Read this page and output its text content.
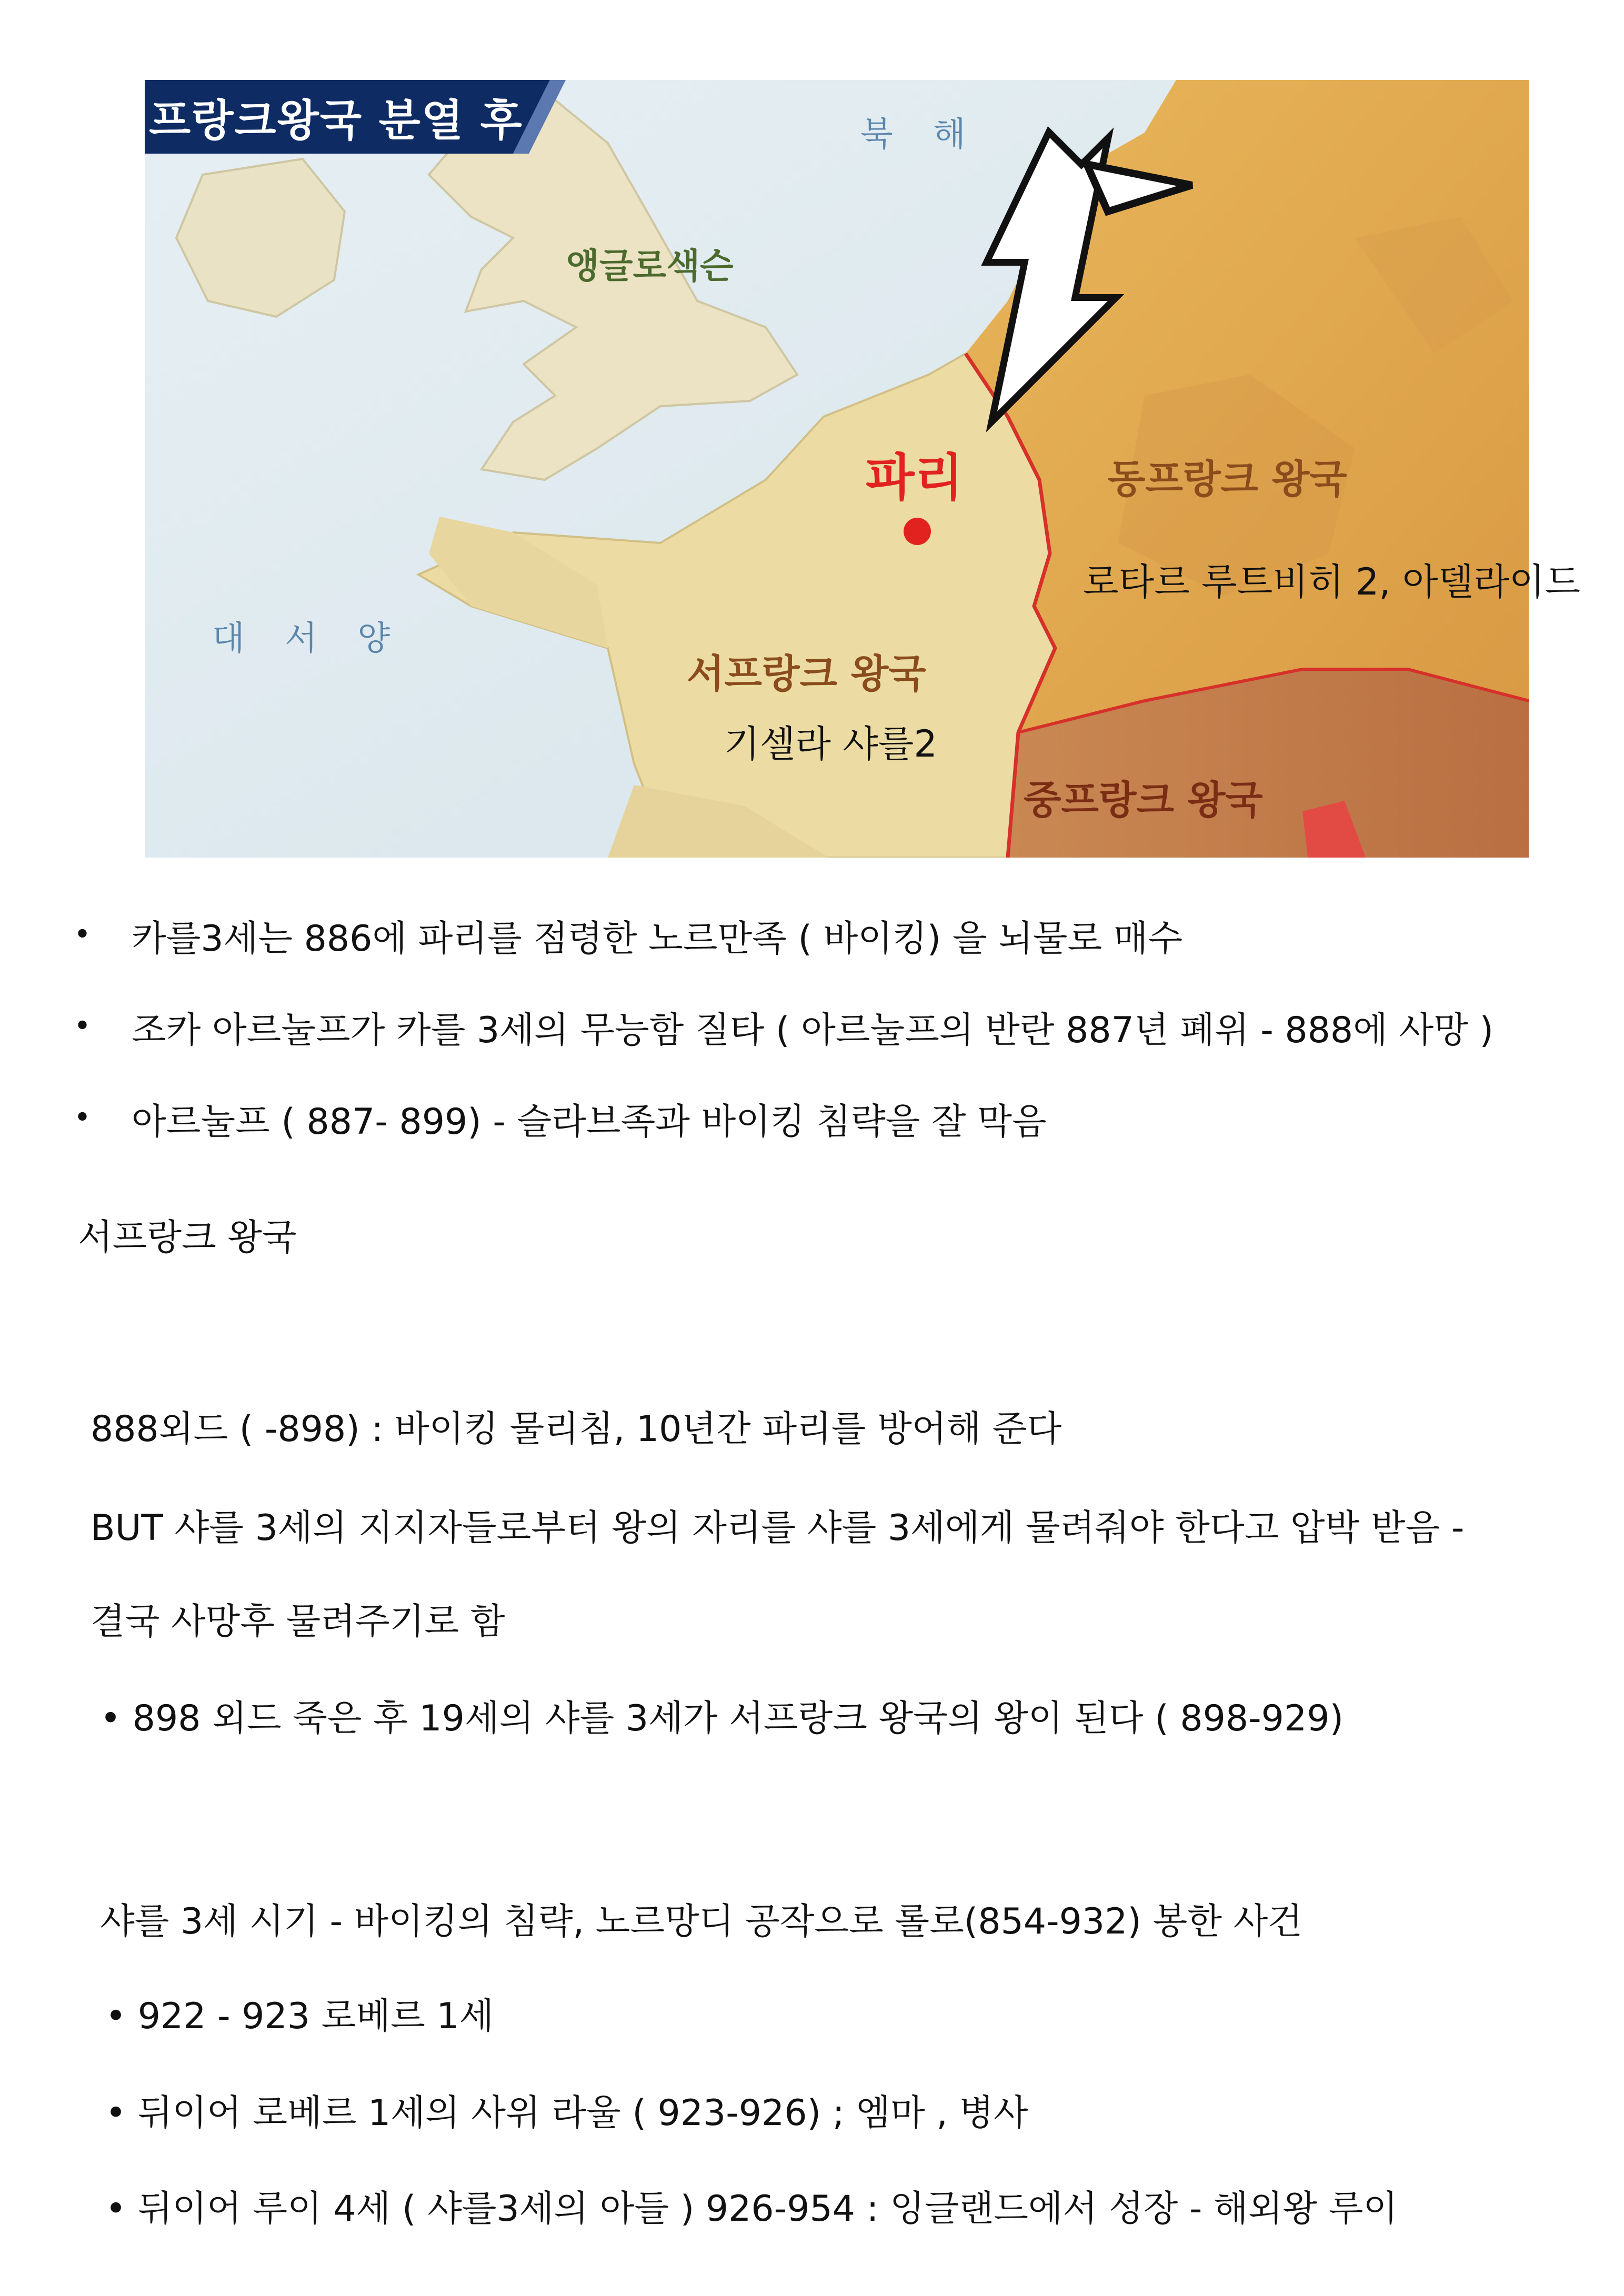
프랑크왕국 분열 후	북 해
대 서 양
앵글로색슨
파리	동프랑크 왕국
서프랑크 왕국
중프랑크 왕국
로타르 루트비히 2, 아델라이드
기셀라 샤를2
• 카를3세는 886에 파리를 점령한 노르만족 ( 바이킹) 을 뇌물로 매수
• 조카 아르눌프가 카를 3세의 무능함 질타 ( 아르눌프의 반란 887년 폐위 - 888에 사망 )
• 아르눌프 ( 887- 899) - 슬라브족과 바이킹 침략을 잘 막음
서프랑크 왕국
888외드 ( -898) : 바이킹 물리침, 10년간 파리를 방어해 준다
BUT 샤를 3세의 지지자들로부터 왕의 자리를 샤를 3세에게 물려줘야 한다고 압박 받음 -
결국 사망후 물려주기로 함
• 898 외드 죽은 후 19세의 샤를 3세가 서프랑크 왕국의 왕이 된다 ( 898-929)
샤를 3세 시기 - 바이킹의 침략, 노르망디 공작으로 롤로(854-932) 봉한 사건
• 922 - 923 로베르 1세
• 뒤이어 로베르 1세의 사위 라울 ( 923-926) ; 엠마 , 병사
• 뒤이어 루이 4세 ( 샤를3세의 아들 ) 926-954 : 잉글랜드에서 성장 - 해외왕 루이
